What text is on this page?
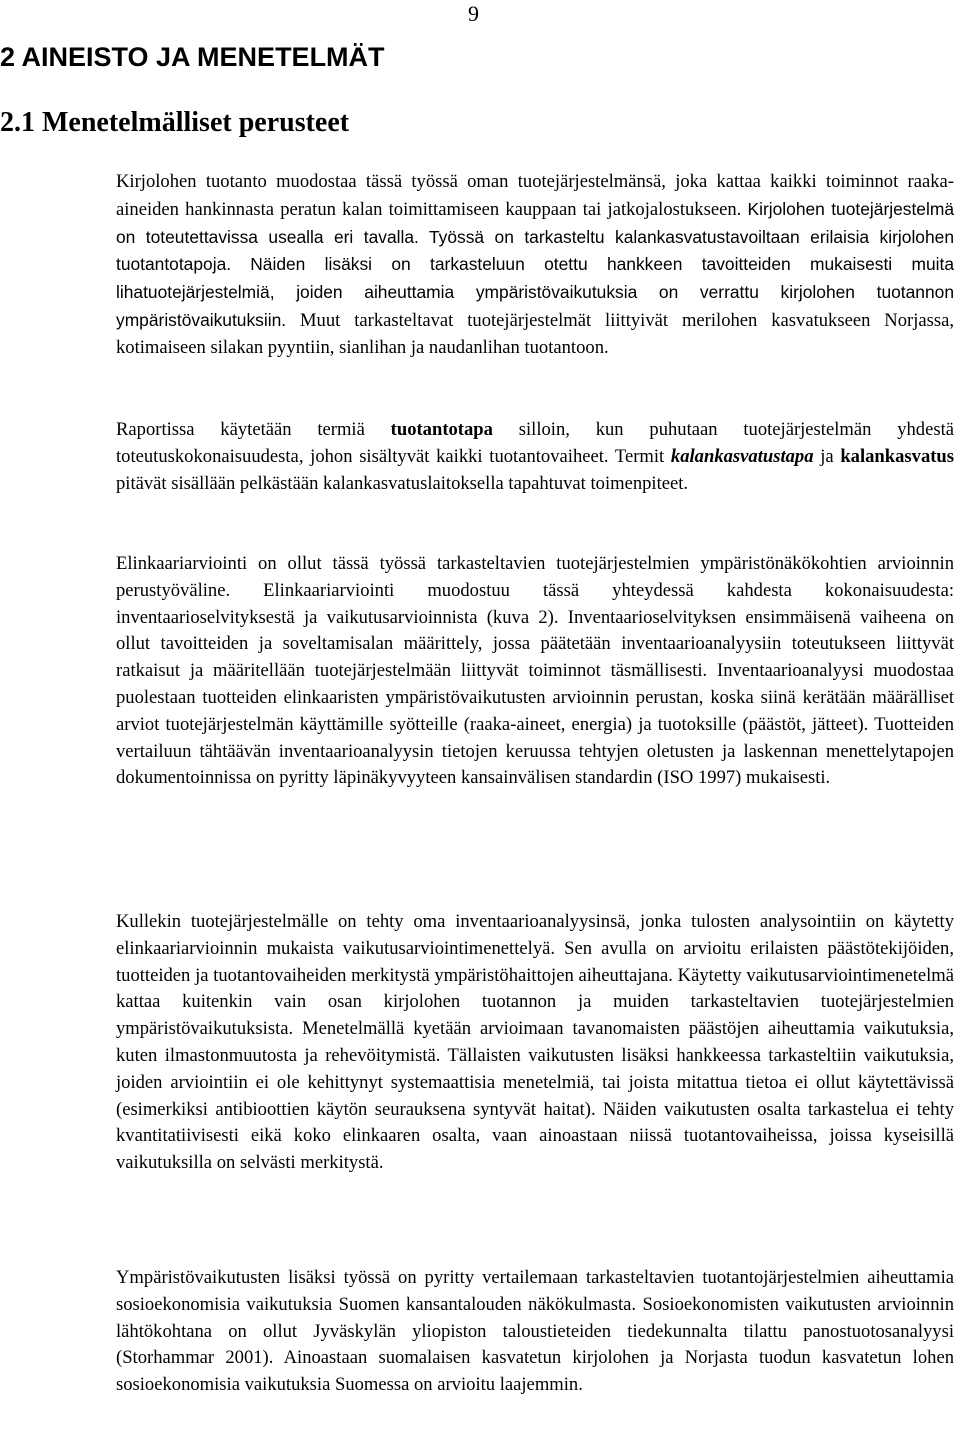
9
2 AINEISTO JA MENETELMÄT
2.1 Menetelmälliset perusteet

Kirjolohen tuotanto muodostaa tässä työssä oman tuotejärjestelmänsä, joka kattaa kaikki toiminnot raaka-aineiden hankinnasta peratun kalan toimittamiseen kauppaan tai jatkojalostukseen. Kirjolohen tuotejärjestelmä on toteutettavissa usealla eri tavalla. Työssä on tarkasteltu kalankasvatustavoiltaan erilaisia kirjolohen tuotantotapoja. Näiden lisäksi on tarkasteluun otettu hankkeen tavoitteiden mukaisesti muita lihatuotejärjestelmiä, joiden aiheuttamia ympäristövaikutuksia on verrattu kirjolohen tuotannon ympäristövaikutuksiin. Muut tarkasteltavat tuotejärjestelmät liittyivät merilohen kasvatukseen Norjassa, kotimaiseen silakan pyyntiin, sianlihan ja naudanlihan tuotantoon.

Raportissa käytetään termiä tuotantotapa silloin, kun puhutaan tuotejärjestelmän yhdestä toteutuskokonaisuudesta, johon sisältyvät kaikki tuotantovaiheet. Termit kalankasvatustapa ja kalankasvatus pitävät sisällään pelkästään kalankasvatuslaitoksella tapahtuvat toimenpiteet.

Elinkaariarviointi on ollut tässä työssä tarkasteltavien tuotejärjestelmien ympäristönäkökohtien arvioinnin perustyöväline. Elinkaariarviointi muodostuu tässä yhteydessä kahdesta kokonaisuudesta: inventaarioselvityksestä ja vaikutusarvioinnista (kuva 2). Inventaarioselvityksen ensimmäisenä vaiheena on ollut tavoitteiden ja soveltamisalan määrittely, jossa päätetään inventaarioanalyysiin toteutukseen liittyvät ratkaisut ja määritellään tuotejärjestelmään liittyvät toiminnot täsmällisesti. Inventaarioanalyysi muodostaa puolestaan tuotteiden elinkaaristen ympäristövaikutusten arvioinnin perustan, koska siinä kerätään määrälliset arviot tuotejärjestelmän käyttämille syötteille (raaka-aineet, energia) ja tuotoksille (päästöt, jätteet). Tuotteiden vertailuun tähtäävän inventaarioanalyysin tietojen keruussa tehtyjen oletusten ja laskennan menettelytapojen dokumentoinnissa on pyritty läpinäkyvyyteen kansainvälisen standardin (ISO 1997) mukaisesti.

Kullekin tuotejärjestelmälle on tehty oma inventaarioanalyysinsä, jonka tulosten analysointiin on käytetty elinkaariarvioinnin mukaista vaikutusarviointimenettelyä. Sen avulla on arvioitu erilaisten päästötekijöiden, tuotteiden ja tuotantovaiheiden merkitystä ympäristöhaittojen aiheuttajana. Käytetty vaikutusarviointimenetelmä kattaa kuitenkin vain osan kirjolohen tuotannon ja muiden tarkasteltavien tuotejärjestelmien ympäristövaikutuksista. Menetelmällä kyetään arvioimaan tavanomaisten päästöjen aiheuttamia vaikutuksia, kuten ilmastonmuutosta ja rehevöitymistä. Tällaisten vaikutusten lisäksi hankkeessa tarkasteltiin vaikutuksia, joiden arviointiin ei ole kehittynyt systemaattisia menetelmiä, tai joista mitattua tietoa ei ollut käytettävissä (esimerkiksi antibioottien käytön seurauksena syntyvät haitat). Näiden vaikutusten osalta tarkastelua ei tehty kvantitatiivisesti eikä koko elinkaaren osalta, vaan ainoastaan niissä tuotantovaiheissa, joissa kyseisillä vaikutuksilla on selvästi merkitystä.

Ympäristövaikutusten lisäksi työssä on pyritty vertailemaan tarkasteltavien tuotantojärjestelmien aiheuttamia sosioekonomisia vaikutuksia Suomen kansantalouden näkökulmasta. Sosioekonomisten vaikutusten arvioinnin lähtökohtana on ollut Jyväskylän yliopiston taloustieteiden tiedekunnalta tilattu panostuotosanalyysi (Storhammar 2001). Ainoastaan suomalaisen kasvatetun kirjolohen ja Norjasta tuodun kasvatetun lohen sosioekonomisia vaikutuksia Suomessa on arvioitu laajemmin.
